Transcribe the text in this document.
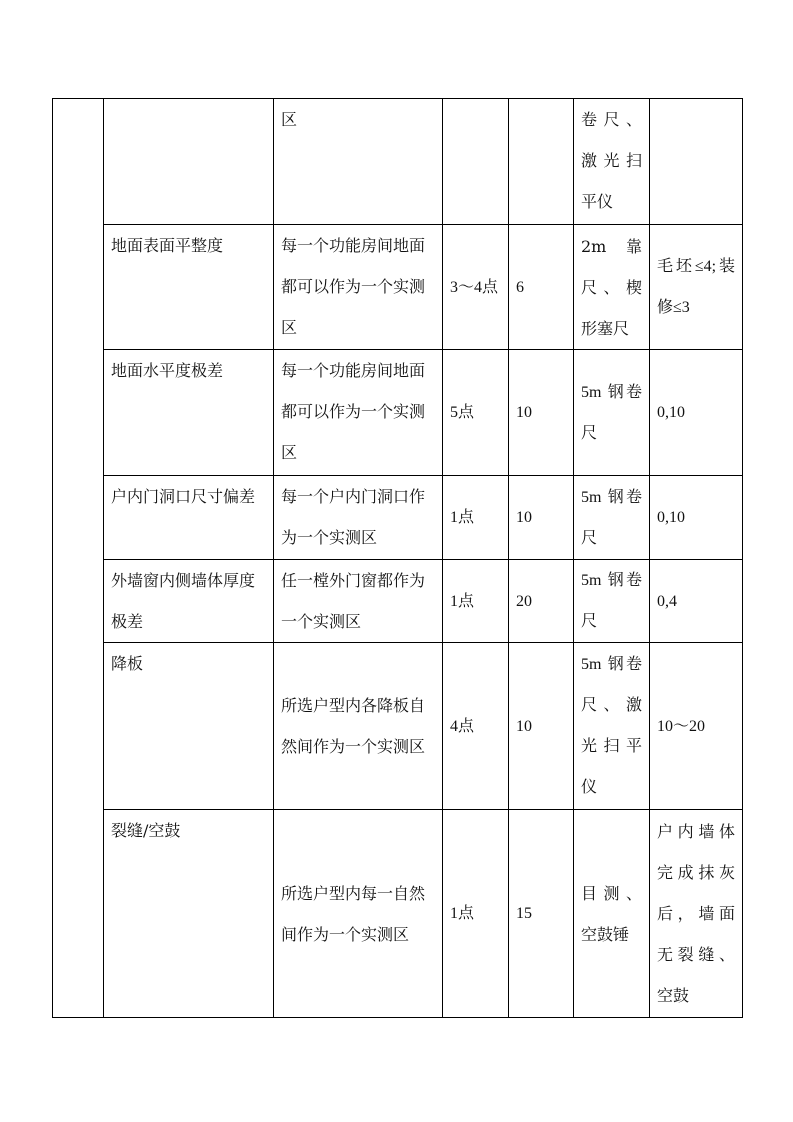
		区			卷尺、激光扫平仪	
	地面表面平整度	每一个功能房间地面都可以作为一个实测区	3～4点	6	2m 靠尺、楔形塞尺	毛坯≤4;装 修≤3
	地面水平度极差	每一个功能房间地面都可以作为一个实测区	5点	10	5m 钢卷尺	0,10
	户内门洞口尺寸偏差	每一个户内门洞口作为一个实测区	1点	10	5m 钢卷尺	0,10
	外墙窗内侧墙体厚度极差	任一樘外门窗都作为一个实测区	1点	20	5m 钢卷尺	0,4
	降板	所选户型内各降板自然间作为一个实测区	4点	10	5m 钢卷尺、激光扫平仪	10～20
	裂缝/空鼓	所选户型内每一自然间作为一个实测区	1点	15	目测、空鼓锤	户内墙体完成抹灰后，墙面无裂缝、空鼓
